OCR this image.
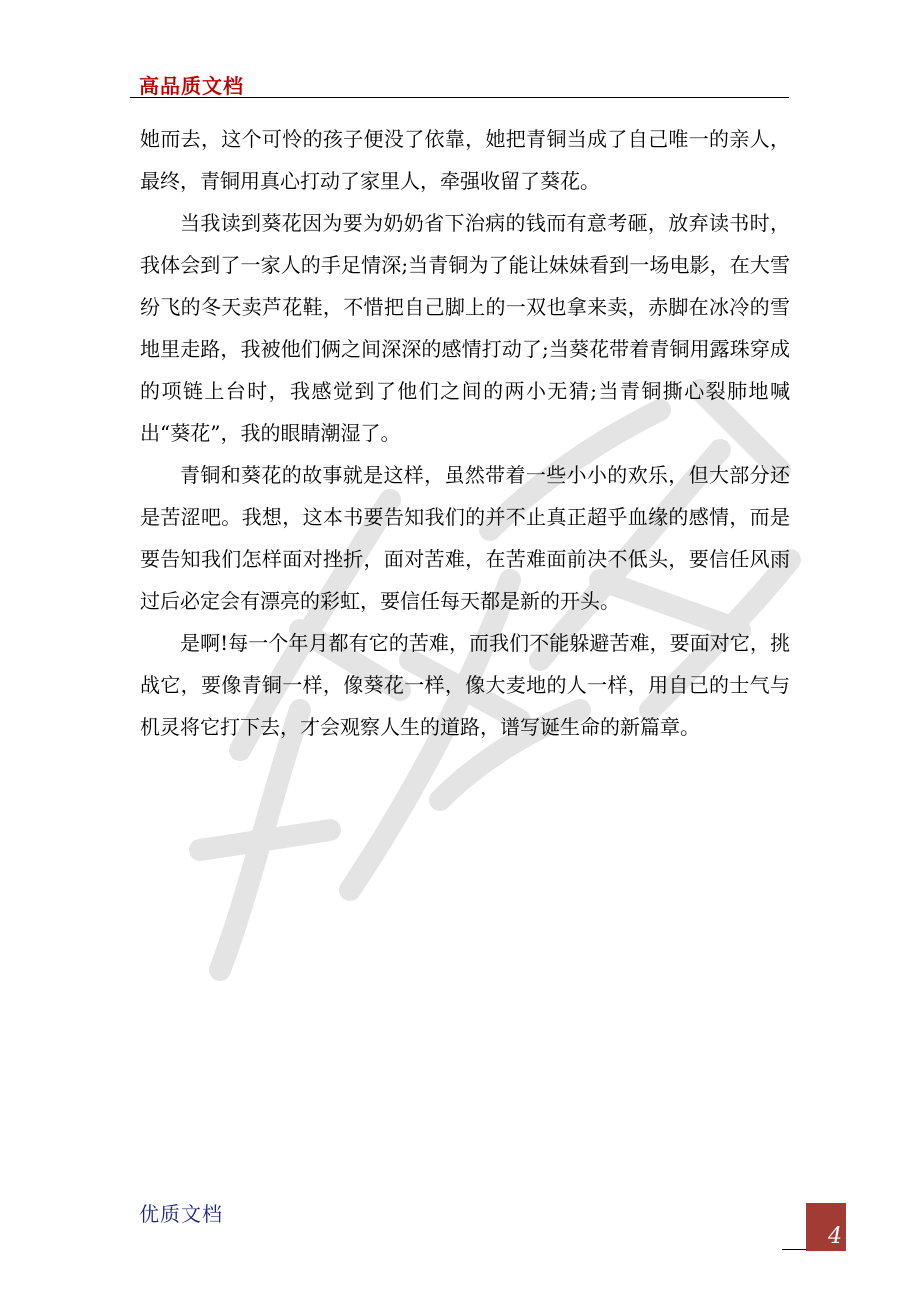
高品质文档

她而去，这个可怜的孩子便没了依靠，她把青铜当成了自己唯一的亲人，最终，青铜用真心打动了家里人，牵强收留了葵花。

当我读到葵花因为要为奶奶省下治病的钱而有意考砸，放弃读书时，我体会到了一家人的手足情深;当青铜为了能让妹妹看到一场电影，在大雪纷飞的冬天卖芦花鞋，不惜把自己脚上的一双也拿来卖，赤脚在冰冷的雪地里走路，我被他们俩之间深深的感情打动了;当葵花带着青铜用露珠穿成的项链上台时，我感觉到了他们之间的两小无猜;当青铜撕心裂肺地喊出“葵花”，我的眼睛潮湿了。

青铜和葵花的故事就是这样，虽然带着一些小小的欢乐，但大部分还是苦涩吧。我想，这本书要告知我们的并不止真正超乎血缘的感情，而是要告知我们怎样面对挫折，面对苦难，在苦难面前决不低头，要信任风雨过后必定会有漂亮的彩虹，要信任每天都是新的开头。

是啊!每一个年月都有它的苦难，而我们不能躲避苦难，要面对它，挑战它，要像青铜一样，像葵花一样，像大麦地的人一样，用自己的士气与机灵将它打下去，才会观察人生的道路，谱写诞生命的新篇章。

优质文档
4
